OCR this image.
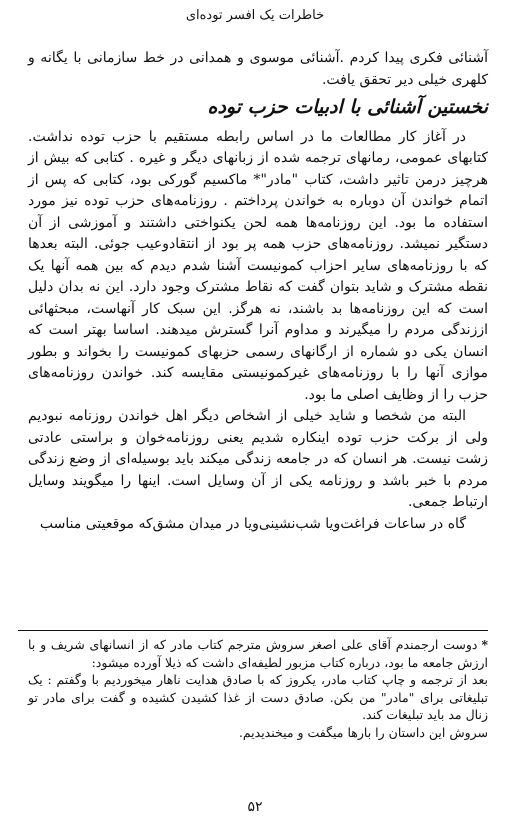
خاطرات یک افسر توده‌ای

آشنائی فکری پیدا کردم .آشنائی موسوی و همدانی در خط سازمانی با یگانه و کلهری خیلی دیر تحقق یافت.

نخستین آشنائی با ادبیات حزب توده

در آغاز کار مطالعات ما در اساس رابطه مستقیم با حزب توده نداشت. کتابهای عمومی، رمانهای ترجمه شده از زبانهای دیگر و غیره . کتابی که بیش از هرچیز درمن تاثیر داشت، کتاب "مادر"* ماکسیم گورکی بود، کتابی که پس از اتمام خواندن آن دوباره به خواندن پرداختم . روزنامه‌های حزب توده نیز مورد استفاده ما بود. این روزنامه‌ها همه لحن یکنواختی داشتند و آموزشی از آن دستگیر نمیشد. روزنامه‌های حزب همه پر بود از انتقادوعیب جوئی. البته بعدها که با روزنامه‌های سایر احزاب کمونیست آشنا شدم دیدم که بین همه آنها یک نقطه مشترک و شاید بتوان گفت که نقاط مشترک وجود دارد. این نه بدان دلیل است که این روزنامه‌ها بد باشند، نه هرگز. این سبک کار آنهاست، مبحثهائی اززندگی مردم را میگیرند و مداوم آنرا گسترش میدهند. اساسا بهتر است که انسان یکی دو شماره از ارگانهای رسمی حزبهای کمونیست را بخواند و بطور موازی آنها را با روزنامه‌های غیرکمونیستی مقایسه کند. خواندن روزنامه‌های حزب را از وظایف اصلی ما بود.

البته من شخصا و شاید خیلی از اشخاص دیگر اهل خواندن روزنامه نبودیم ولی از برکت حزب توده اینکاره شدیم یعنی روزنامه‌خوان و براستی عادتی زشت نیست. هر انسان که در جامعه زندگی میکند باید بوسیله‌ای از وضع زندگی مردم با خبر باشد و روزنامه یکی از آن وسایل است. اینها را میگویند وسایل ارتباط جمعی.

گاه در ساعات فراغت‌ویا شب‌نشینی‌ویا در میدان مشق‌که موقعیتی مناسب

*دوست ارجمندم آقای علی اصغر سروش مترجم کتاب مادر که از انسانهای شریف و با ارزش جامعه ما بود، درباره کتاب مزبور لطیفه‌ای داشت که ذیلا آورده میشود:

بعد از ترجمه و چاپ کتاب مادر، یکروز که با صادق هدایت ناهار میخوردیم با وگفتم : یک تبلیغاتی برای "مادر" من بکن. صادق دست از غذا کشیدن کشیده و گفت برای مادر تو زنال مد باید تبلیغات کند.

سروش این داستان را بارها میگفت و میخندیدیم.

۵۲
